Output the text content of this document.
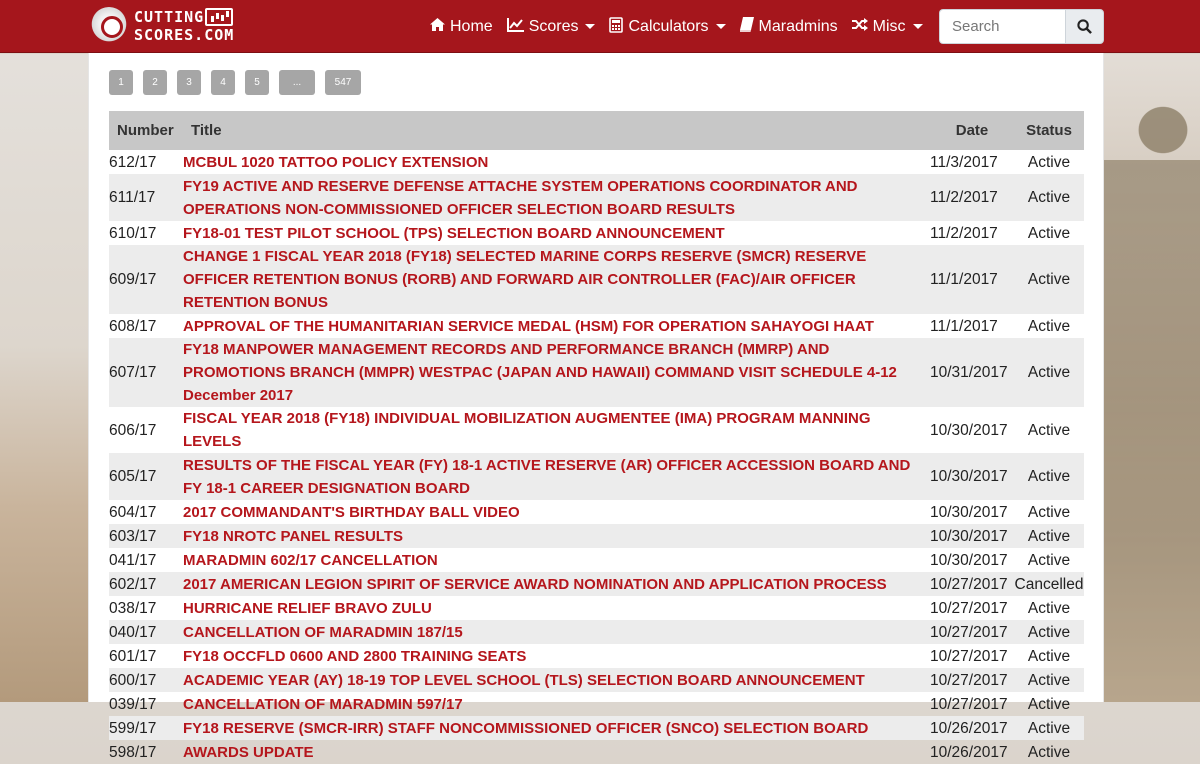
CUTTING
SCORES.COM	Home Scores	Calculators	Maradmins Misc
Search
1	2	3	4	5	...	547
Number	Title	Date	Status
612/17	MCBUL 1020 TATTOO POLICY EXTENSION	11/3/2017	Active
611/17	FY19 ACTIVE AND RESERVE DEFENSE ATTACHE SYSTEM OPERATIONS COORDINATOR AND OPERATIONS NON-COMMISSIONED OFFICER SELECTION BOARD RESULTS	11/2/2017	Active
610/17	FY18-01 TEST PILOT SCHOOL (TPS) SELECTION BOARD ANNOUNCEMENT	11/2/2017	Active
609/17	CHANGE 1 FISCAL YEAR 2018 (FY18) SELECTED MARINE CORPS RESERVE (SMCR) RESERVE OFFICER RETENTION BONUS (RORB) AND FORWARD AIR CONTROLLER (FAC)/AIR OFFICER RETENTION BONUS	11/1/2017	Active
608/17	APPROVAL OF THE HUMANITARIAN SERVICE MEDAL (HSM) FOR OPERATION SAHAYOGI HAAT	11/1/2017	Active
607/17	FY18 MANPOWER MANAGEMENT RECORDS AND PERFORMANCE BRANCH (MMRP) AND PROMOTIONS BRANCH (MMPR) WESTPAC (JAPAN AND HAWAII) COMMAND VISIT SCHEDULE 4-12 December 2017	10/31/2017	Active
606/17	FISCAL YEAR 2018 (FY18) INDIVIDUAL MOBILIZATION AUGMENTEE (IMA) PROGRAM MANNING LEVELS	10/30/2017	Active
605/17	RESULTS OF THE FISCAL YEAR (FY) 18-1 ACTIVE RESERVE (AR) OFFICER ACCESSION BOARD AND FY 18-1 CAREER DESIGNATION BOARD	10/30/2017	Active
604/17	2017 COMMANDANT'S BIRTHDAY BALL VIDEO	10/30/2017	Active
603/17	FY18 NROTC PANEL RESULTS	10/30/2017	Active
041/17	MARADMIN 602/17 CANCELLATION	10/30/2017	Active
602/17	2017 AMERICAN LEGION SPIRIT OF SERVICE AWARD NOMINATION AND APPLICATION PROCESS	10/27/2017	Cancelled
038/17	HURRICANE RELIEF BRAVO ZULU	10/27/2017	Active
040/17	CANCELLATION OF MARADMIN 187/15	10/27/2017	Active
601/17	FY18 OCCFLD 0600 AND 2800 TRAINING SEATS	10/27/2017	Active
600/17	ACADEMIC YEAR (AY) 18-19 TOP LEVEL SCHOOL (TLS) SELECTION BOARD ANNOUNCEMENT	10/27/2017	Active
039/17	CANCELLATION OF MARADMIN 597/17	10/27/2017	Active
599/17	FY18 RESERVE (SMCR-IRR) STAFF NONCOMMISSIONED OFFICER (SNCO) SELECTION BOARD	10/26/2017	Active
598/17	AWARDS UPDATE	10/26/2017	Active
